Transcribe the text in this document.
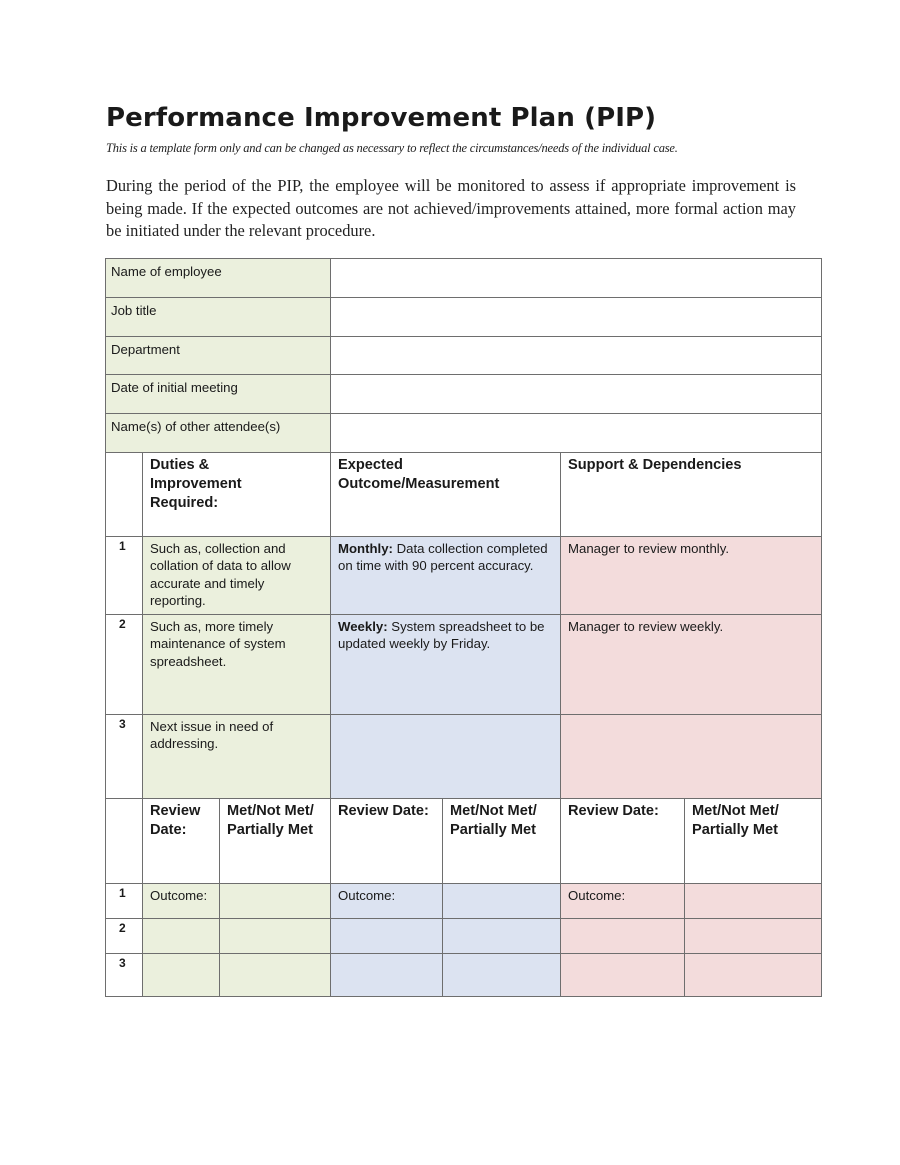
Performance Improvement Plan (PIP)
This is a template form only and can be changed as necessary to reflect the circumstances/needs of the individual case.

During the period of the PIP, the employee will be monitored to assess if appropriate improvement is being made. If the expected outcomes are not achieved/improvements attained, more formal action may be initiated under the relevant procedure.

Name of employee						
Job title						
Department						
Date of initial meeting						
Name(s) of other attendee(s)						

	Duties & Improvement Required:		Expected Outcome/Measurement		Support & Dependencies	
1	Such as, collection and collation of data to allow accurate and timely reporting.		Monthly: Data collection completed on time with 90 percent accuracy.		Manager to review monthly.	
2	Such as, more timely maintenance of system spreadsheet.		Weekly: System spreadsheet to be updated weekly by Friday.		Manager to review weekly.	
3	Next issue in need of addressing.					
	Review Date:	Met/Not Met/ Partially Met	Review Date:	Met/Not Met/ Partially Met	Review Date:	Met/Not Met/ Partially Met
1	Outcome:		Outcome:		Outcome:	
2						
3						
